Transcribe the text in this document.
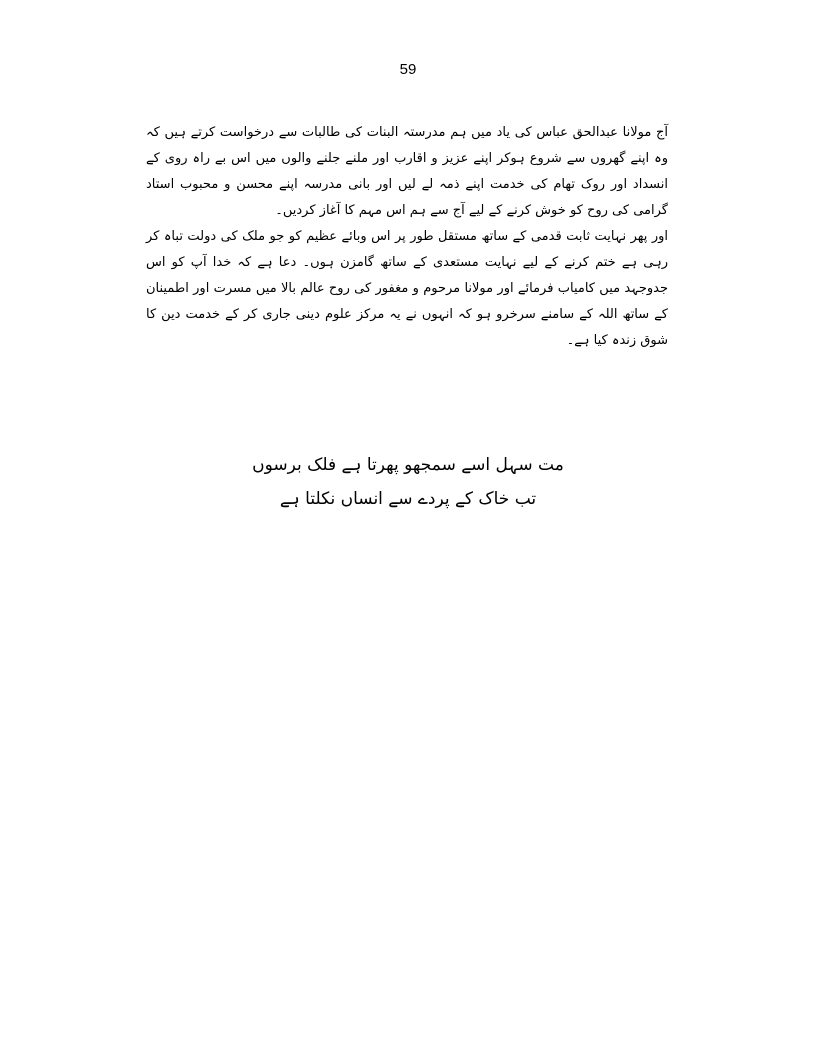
59

آج مولانا عبدالحق عباس کی یاد میں ہم مدرستہ البنات کی طالبات سے درخواست کرتے ہیں کہ وہ اپنے گھروں سے شروع ہوکر اپنے عزیز و اقارب اور ملنے جلنے والوں میں اس بے راہ روی کے انسداد اور روک تھام کی خدمت اپنے ذمہ لے لیں اور بانی مدرسہ اپنے محسن و محبوب استاد گرامی کی روح کو خوش کرنے کے لیے آج سے ہم اس مہم کا آغاز کردیں۔

اور پھر نہایت ثابت قدمی کے ساتھ مستقل طور پر اس وبائے عظیم کو جو ملک کی دولت تباہ کر رہی ہے ختم کرنے کے لیے نہایت مستعدی کے ساتھ گامزن ہوں۔ دعا ہے کہ خدا آپ کو اس جدوجہد میں کامیاب فرمائے اور مولانا مرحوم و مغفور کی روح عالم بالا میں مسرت اور اطمینان کے ساتھ اللہ کے سامنے سرخرو ہو کہ انہوں نے یہ مرکز علوم دینی جاری کر کے خدمت دین کا شوق زندہ کیا ہے۔

مت سہل اسے سمجھو پھرتا ہے فلک برسوں
تب خاک کے پردے سے انساں نکلتا ہے
